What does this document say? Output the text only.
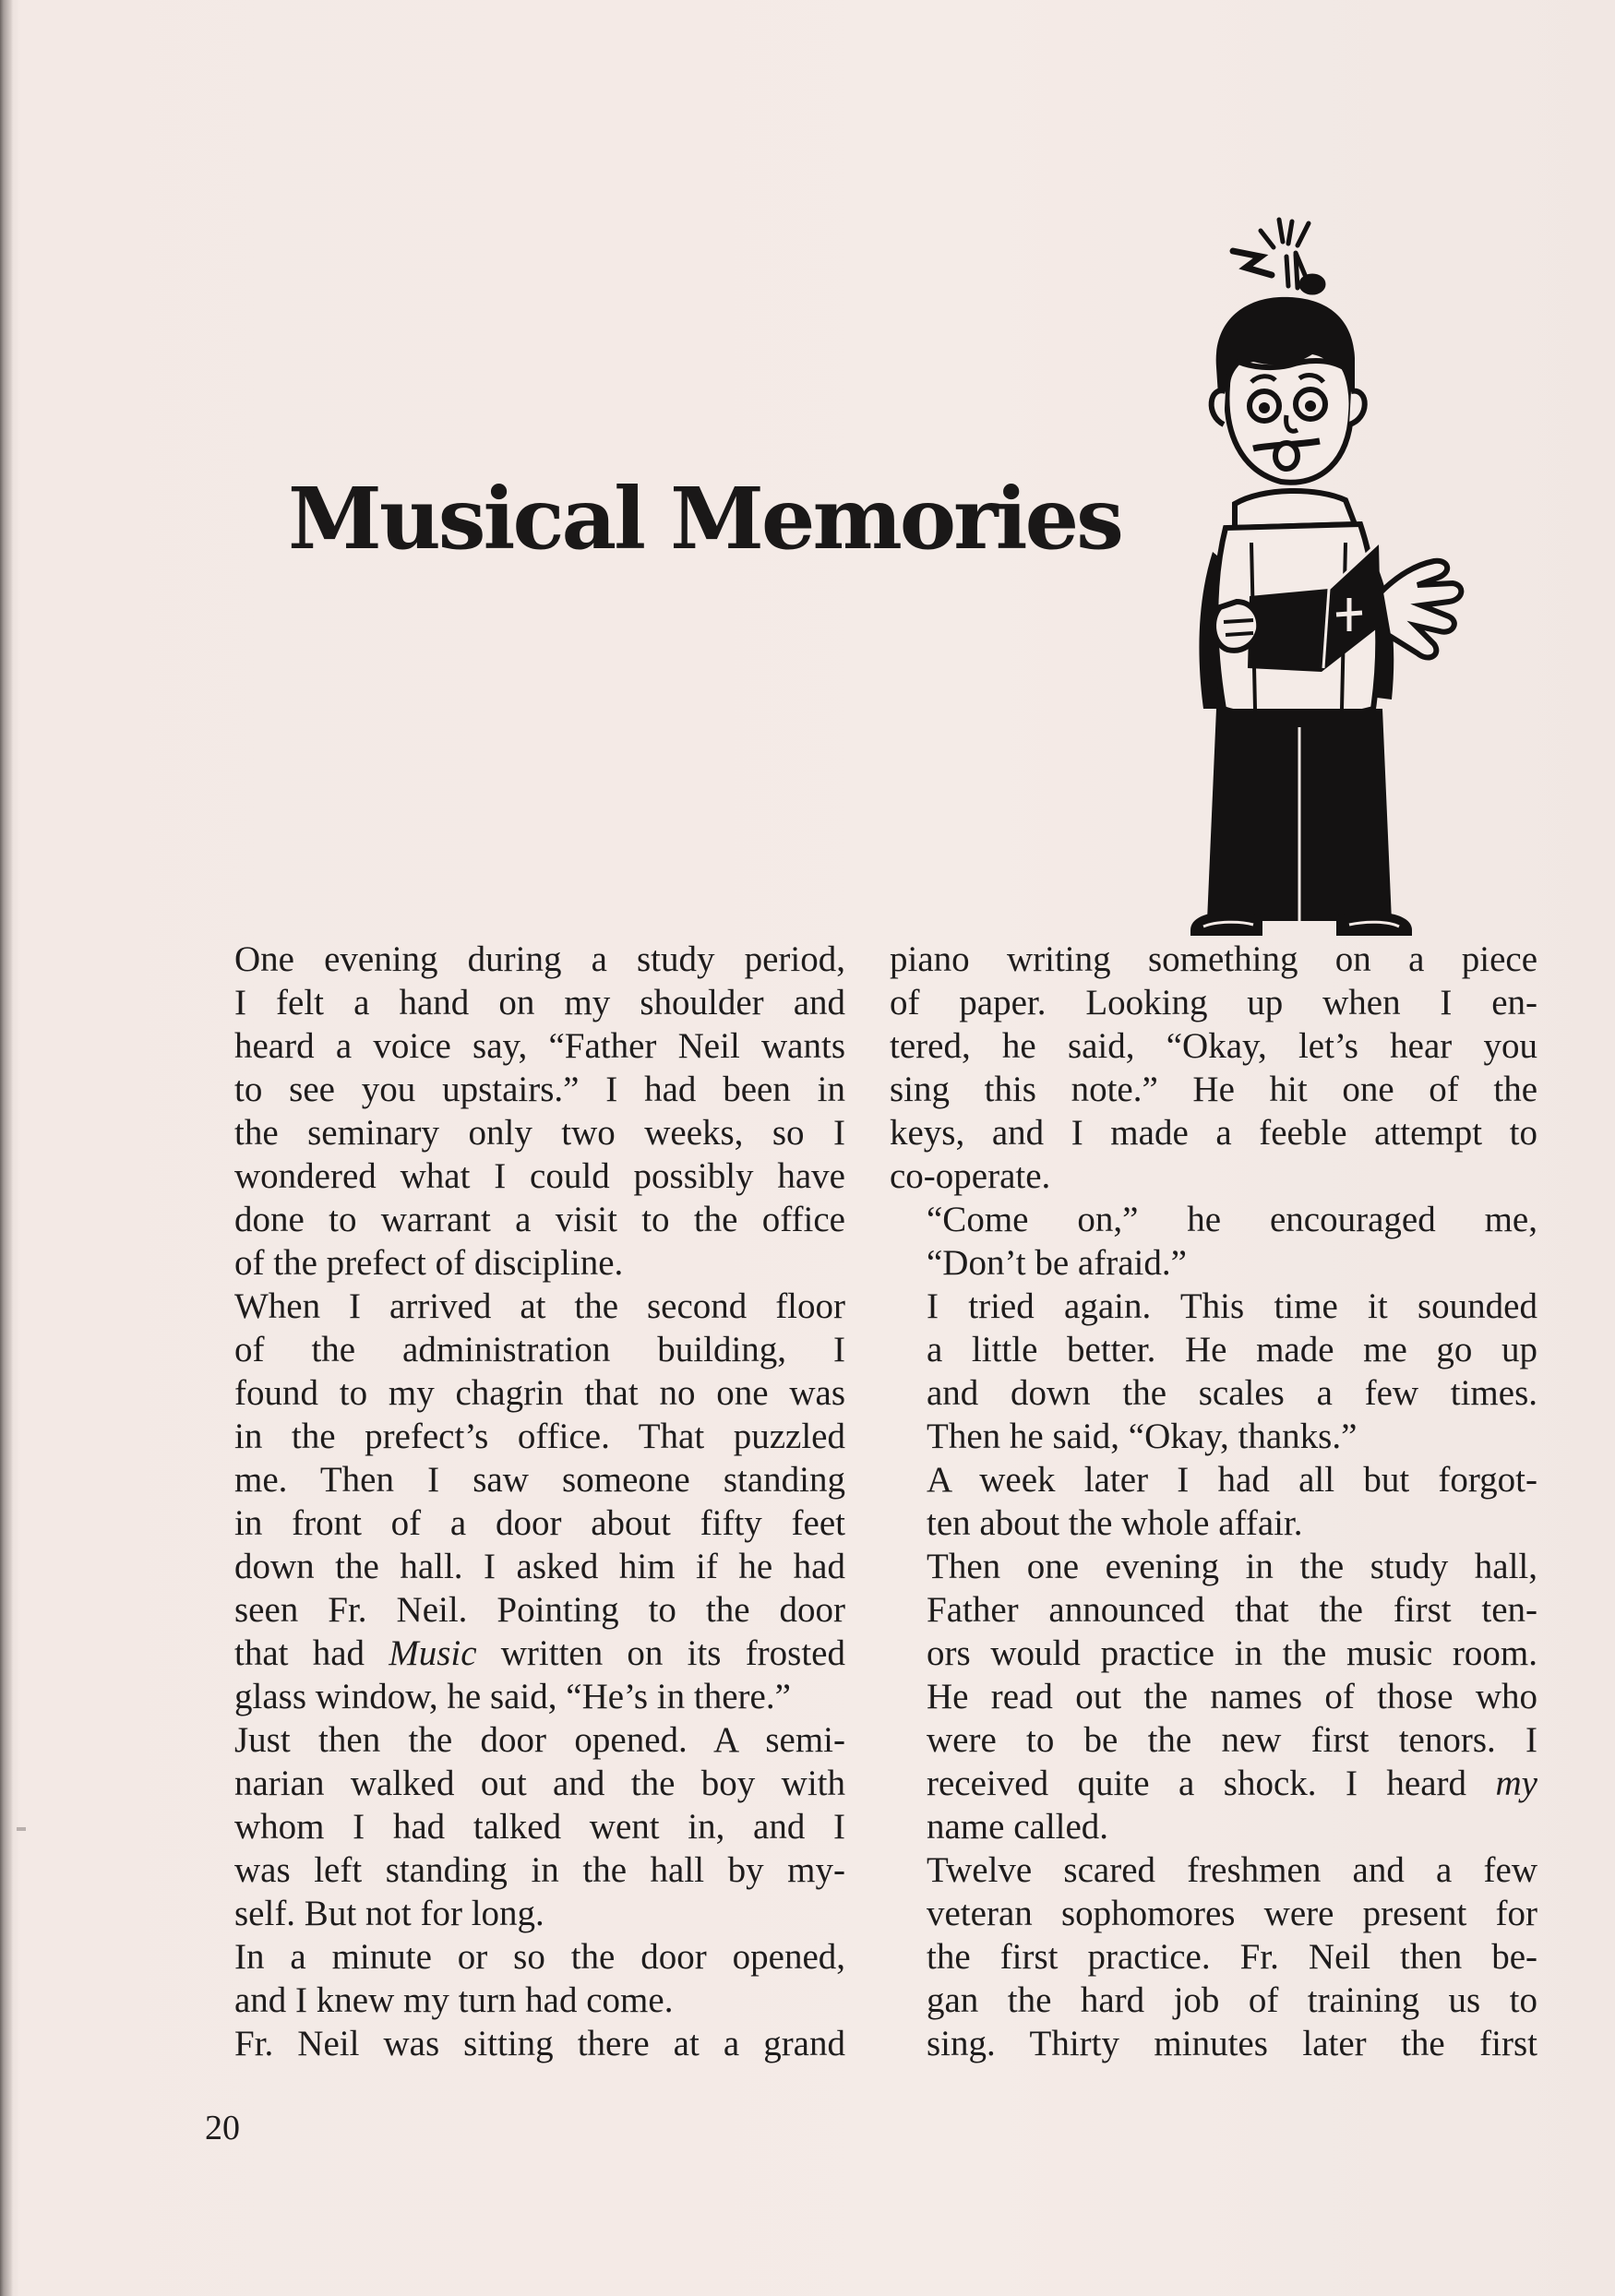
Musical Memories

One evening during a study period,
I felt a hand on my shoulder and
heard a voice say, “Father Neil wants
to see you upstairs.” I had been in
the seminary only two weeks, so I
wondered what I could possibly have
done to warrant a visit to the office
of the prefect of discipline.

When I arrived at the second floor
of the administration building, I
found to my chagrin that no one was
in the prefect’s office. That puzzled
me. Then I saw someone standing
in front of a door about fifty feet
down the hall. I asked him if he had
seen Fr. Neil. Pointing to the door
that had Music written on its frosted
glass window, he said, “He’s in there.”

Just then the door opened. A semi-
narian walked out and the boy with
whom I had talked went in, and I
was left standing in the hall by my-
self. But not for long.

In a minute or so the door opened,
and I knew my turn had come.

Fr. Neil was sitting there at a grand

piano writing something on a piece
of paper. Looking up when I en-
tered, he said, “Okay, let’s hear you
sing this note.” He hit one of the
keys, and I made a feeble attempt to
co-operate.

“Come on,” he encouraged me,
“Don’t be afraid.”

I tried again. This time it sounded
a little better. He made me go up
and down the scales a few times.
Then he said, “Okay, thanks.”

A week later I had all but forgot-
ten about the whole affair.

Then one evening in the study hall,
Father announced that the first ten-
ors would practice in the music room.
He read out the names of those who
were to be the new first tenors. I
received quite a shock. I heard my
name called.

Twelve scared freshmen and a few
veteran sophomores were present for
the first practice. Fr. Neil then be-
gan the hard job of training us to
sing. Thirty minutes later the first

20
